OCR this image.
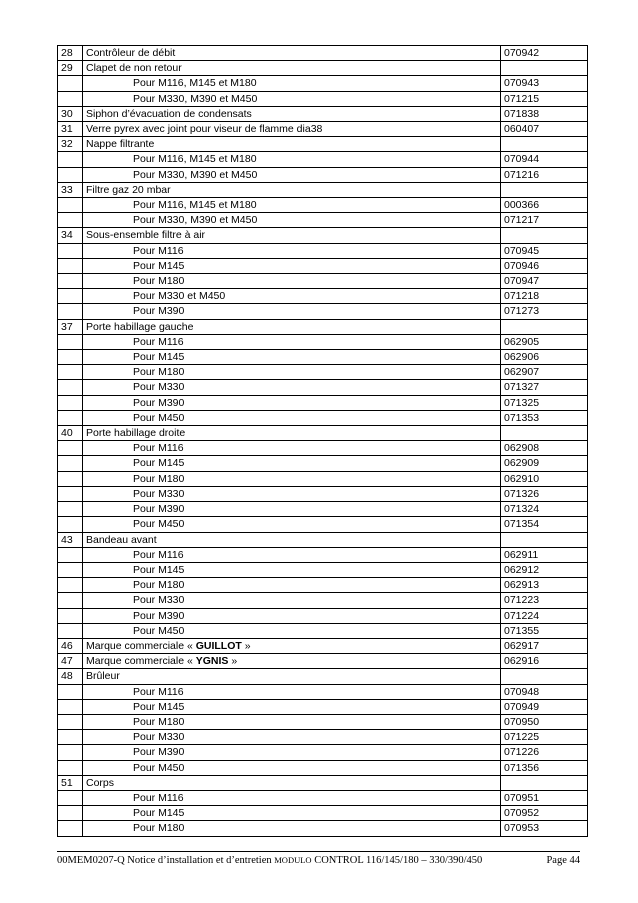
28	Contrôleur de débit	070942
29	Clapet de non retour	
	Pour M116, M145 et M180	070943
	Pour M330, M390 et M450	071215
30	Siphon d’évacuation de condensats	071838
31	Verre pyrex avec joint pour viseur de flamme dia38	060407
32	Nappe filtrante	
	Pour M116, M145 et M180	070944
	Pour M330, M390 et M450	071216
33	Filtre gaz 20 mbar	
	Pour M116, M145 et M180	000366
	Pour M330, M390 et M450	071217
34	Sous-ensemble filtre à air	
	Pour M116	070945
	Pour M145	070946
	Pour M180	070947
	Pour M330 et M450	071218
	Pour M390	071273
37	Porte habillage gauche	
	Pour M116	062905
	Pour M145	062906
	Pour M180	062907
	Pour M330	071327
	Pour M390	071325
	Pour M450	071353
40	Porte habillage droite	
	Pour M116	062908
	Pour M145	062909
	Pour M180	062910
	Pour M330	071326
	Pour M390	071324
	Pour M450	071354
43	Bandeau avant	
	Pour M116	062911
	Pour M145	062912
	Pour M180	062913
	Pour M330	071223
	Pour M390	071224
	Pour M450	071355
46	Marque commerciale « GUILLOT »	062917
47	Marque commerciale « YGNIS »	062916
48	Brûleur	
	Pour M116	070948
	Pour M145	070949
	Pour M180	070950
	Pour M330	071225
	Pour M390	071226
	Pour M450	071356
51	Corps	
	Pour M116	070951
	Pour M145	070952
	Pour M180	070953
00MEM0207-Q Notice d’installation et d’entretien MODULO CONTROL 116/145/180 – 330/390/450	Page 44
